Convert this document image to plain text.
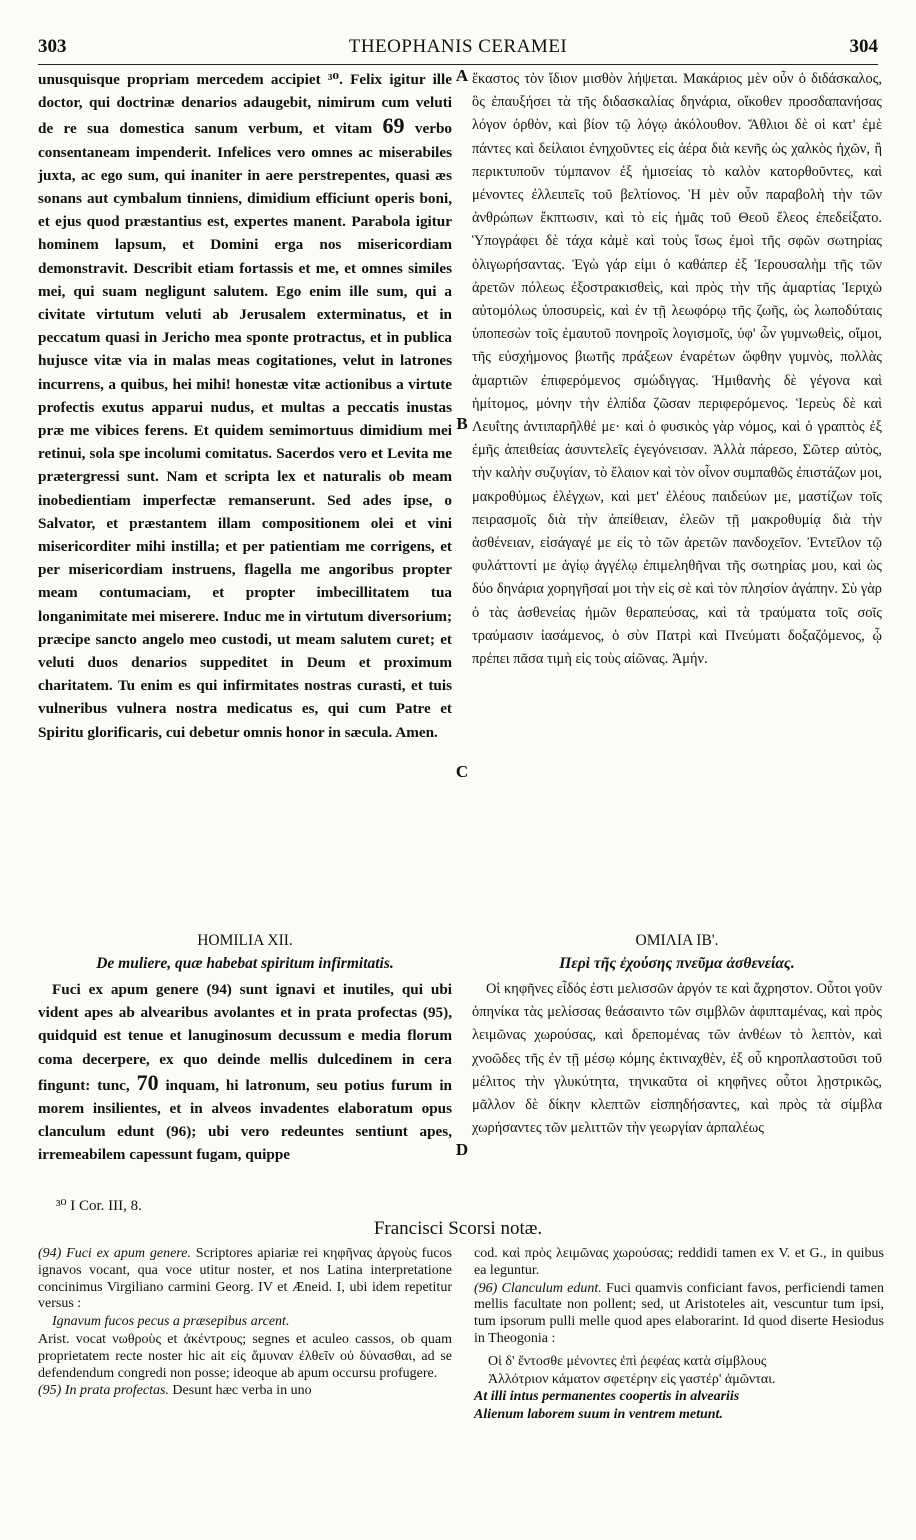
303	THEOPHANIS CERAMEI	304

unusquisque propriam mercedem accipiet ³⁰. Felix igitur ille doctor, qui doctrinæ denarios adaugebit, nimirum cum veluti de re sua domestica sanum verbum, et vitam 69 verbo consentaneam impenderit. Infelices vero omnes ac miserabiles juxta, ac ego sum, qui inaniter in aere perstrepentes, quasi æs sonans aut cymbalum tinniens, dimidium efficiunt operis boni, et ejus quod præstantius est, expertes manent. Parabola igitur hominem lapsum, et Domini erga nos misericordiam demonstravit. Describit etiam fortassis et me, et omnes similes mei, qui suam negligunt salutem. Ego enim ille sum, qui a civitate virtutum veluti ab Jerusalem exterminatus, et in peccatum quasi in Jericho mea sponte protractus, et in publica hujusce vitæ via in malas meas cogitationes, velut in latrones incurrens, a quibus, hei mihi! honestæ vitæ actionibus a virtute profectis exutus apparui nudus, et multas a peccatis inustas præ me vibices ferens. Et quidem semimortuus dimidium mei retinui, sola spe incolumi comitatus. Sacerdos vero et Levita me prætergressi sunt. Nam et scripta lex et naturalis ob meam inobedientiam imperfectæ remanserunt. Sed ades ipse, o Salvator, et præstantem illam compositionem olei et vini misericorditer mihi instilla; et per patientiam me corrigens, et per misericordiam instruens, flagella me angoribus propter meam contumaciam, et propter imbecillitatem tua longanimitate mei miserere. Induc me in virtutum diversorium; præcipe sancto angelo meo custodi, ut meam salutem curet; et veluti duos denarios suppeditet in Deum et proximum charitatem. Tu enim es qui infirmitates nostras curasti, et tuis vulneribus vulnera nostra medicatus es, qui cum Patre et Spiritu glorificaris, cui debetur omnis honor in sæcula. Amen.

ἕκαστος τὸν ἴδιον μισθὸν λήψεται. Μακάριος μὲν οὖν ὁ διδάσκαλος, ὃς ἐπαυξήσει τὰ τῆς διδασκαλίας δηνάρια, οἴκοθεν προσδαπανήσας λόγον ὀρθὸν, καὶ βίον τῷ λόγῳ ἀκόλουθον. Ἄθλιοι δὲ οἱ κατ' ἐμὲ πάντες καὶ δείλαιοι ἐνηχοῦντες εἰς ἀέρα διὰ κενῆς ὡς χαλκὸς ἠχῶν, ἢ περικτυποῦν τύμπανον ἐξ ἡμισείας τὸ καλὸν κατορθοῦντες, καὶ μένοντες ἐλλειπεῖς τοῦ βελτίονος. Ἡ μὲν οὖν παραβολὴ τὴν τῶν ἀνθρώπων ἔκπτωσιν, καὶ τὸ εἰς ἡμᾶς τοῦ Θεοῦ ἔλεος ἐπεδείξατο. Ὑπογράφει δὲ τάχα κἀμὲ καὶ τοὺς ἴσως ἐμοὶ τῆς σφῶν σωτηρίας ὀλιγωρήσαντας. Ἐγὼ γάρ εἰμι ὁ καθάπερ ἐξ Ἱερουσαλὴμ τῆς τῶν ἀρετῶν πόλεως ἐξοστρακισθεὶς, καὶ πρὸς τὴν τῆς ἁμαρτίας Ἱεριχὼ αὐτομόλως ὑποσυρεὶς, καὶ ἐν τῇ λεωφόρῳ τῆς ζωῆς, ὡς λωποδύταις ὑποπεσὼν τοῖς ἐμαυτοῦ πονηροῖς λογισμοῖς, ὑφ' ὧν γυμνωθεὶς, οἴμοι, τῆς εὐσχήμονος βιωτῆς πράξεων ἐναρέτων ὤφθην γυμνὸς, πολλὰς ἁμαρτιῶν ἐπιφερόμενος σμώδιγγας. Ἡμιθανὴς δὲ γέγονα καὶ ἡμίτομος, μόνην τὴν ἐλπίδα ζῶσαν περιφερόμενος. Ἱερεὺς δὲ καὶ Λευΐτης ἀντιπαρῆλθέ με· καὶ ὁ φυσικὸς γὰρ νόμος, καὶ ὁ γραπτὸς ἐξ ἐμῆς ἀπειθείας ἀσυντελεῖς ἐγεγόνεισαν. Ἀλλὰ πάρεσο, Σῶτερ αὐτὸς, τὴν καλὴν συζυγίαν, τὸ ἔλαιον καὶ τὸν οἶνον συμπαθῶς ἐπιστάζων μοι, μακροθύμως ἐλέγχων, καὶ μετ' ἐλέους παιδεύων με, μαστίζων τοῖς πειρασμοῖς διὰ τὴν ἀπείθειαν, ἐλεῶν τῇ μακροθυμίᾳ διὰ τὴν ἀσθένειαν, εἰσάγαγέ με εἰς τὸ τῶν ἀρετῶν πανδοχεῖον. Ἐντεῖλον τῷ φυλάττοντί με ἁγίῳ ἀγγέλῳ ἐπιμεληθῆναι τῆς σωτηρίας μου, καὶ ὡς δύο δηνάρια χορηγῆσαί μοι τὴν εἰς σὲ καὶ τὸν πλησίον ἀγάπην. Σὺ γὰρ ὁ τὰς ἀσθενείας ἡμῶν θεραπεύσας, καὶ τὰ τραύματα τοῖς σοῖς τραύμασιν ἰασάμενος, ὁ σὺν Πατρὶ καὶ Πνεύματι δοξαζόμενος, ᾧ πρέπει πᾶσα τιμὴ εἰς τοὺς αἰῶνας. Ἀμήν.

A
B
C
D
HOMILIA XII.
De muliere, quæ habebat spiritum infirmitatis.
ΟΜΙΛΙΑ ΙΒ'.
Περὶ τῆς ἐχούσης πνεῦμα ἀσθενείας.

Fuci ex apum genere (94) sunt ignavi et inutiles, qui ubi vident apes ab alvearibus avolantes et in prata profectas (95), quidquid est tenue et lanuginosum decussum e media florum coma decerpere, ex quo deinde mellis dulcedinem in cera fingunt: tunc, 70 inquam, hi latronum, seu potius furum in morem insilientes, et in alveos invadentes elaboratum opus clanculum edunt (96); ubi vero redeuntes sentiunt apes, irremeabilem capessunt fugam, quippe

Οἱ κηφῆνες εἶδός ἐστι μελισσῶν ἀργόν τε καὶ ἄχρηστον. Οὗτοι γοῦν ὁπηνίκα τὰς μελίσσας θεάσαιντο τῶν σιμβλῶν ἀφιπταμένας, καὶ πρὸς λειμῶνας χωρούσας, καὶ δρεπομένας τῶν ἀνθέων τὸ λεπτὸν, καὶ χνοῶδες τῆς ἐν τῇ μέσῳ κόμης ἐκτιναχθὲν, ἐξ οὗ κηροπλαστοῦσι τοῦ μέλιτος τὴν γλυκύτητα, τηνικαῦτα οἱ κηφῆνες οὗτοι λῃστρικῶς, μᾶλλον δὲ δίκην κλεπτῶν εἰσπηδήσαντες, καὶ πρὸς τὰ σίμβλα χωρήσαντες τῶν μελιττῶν τὴν γεωργίαν ἁρπαλέως

³⁰ I Cor. III, 8.
Francisci Scorsi notæ.

(94) Fuci ex apum genere. Scriptores apiariæ rei κηφῆνας ἀργοὺς fucos ignavos vocant, qua voce utitur noster, et nos Latina interpretatione concinimus Virgiliano carmini Georg. IV et Æneid. I, ubi idem repetitur versus :

Ignavum fucos pecus a præsepibus arcent.

Arist. vocat νωθροὺς et ἀκέντρους; segnes et aculeo cassos, ob quam proprietatem recte noster hic ait εἰς ἄμυναν ἐλθεῖν οὐ δύνασθαι, ad se defendendum congredi non posse; ideoque ab apum occursu profugere.

(95) In prata profectas. Desunt hæc verba in uno

cod. καὶ πρὸς λειμῶνας χωρούσας; reddidi tamen ex V. et G., in quibus ea leguntur.

(96) Clanculum edunt. Fuci quamvis conficiant favos, perficiendi tamen mellis facultate non pollent; sed, ut Aristoteles ait, vescuntur tum ipsi, tum ipsorum pulli melle quod apes elaborarint. Id quod diserte Hesiodus in Theogonia :

Οἱ δ' ἔντοσθε μένοντες ἐπὶ ῥεφέας κατὰ σίμβλους

Ἀλλότριον κάματον σφετέρην εἰς γαστέρ' ἀμῶνται.

At illi intus permanentes coopertis in alveariis

Alienum laborem suum in ventrem metunt.
